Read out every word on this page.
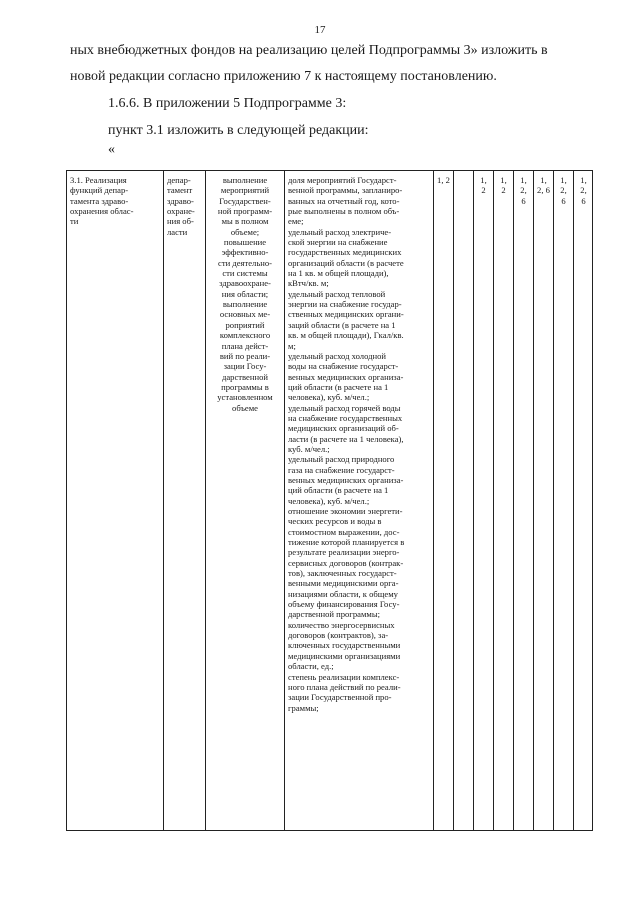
17
ных внебюджетных фондов на реализацию целей Подпрограммы 3» изложить в
новой редакции согласно приложению 7 к настоящему постановлению.
1.6.6. В приложении 5 Подпрограмме 3:
пункт 3.1 изложить в следующей редакции:
«
3.1. Реализация
функций депар-
тамента здраво-
охранения облас-
ти
депар-
тамент
здраво-
охране-
ния об-
ласти
выполнение
мероприятий
Государствен-
ной программ-
мы в полном
объеме;
повышение
эффективно-
сти деятельно-
сти системы
здравоохране-
ния области;
выполнение
основных ме-
роприятий
комплексного
плана дейст-
вий по реали-
зации Госу-
дарственной
программы в
установленном
объеме
доля мероприятий Государст-
венной программы, запланиро-
ванных на отчетный год, кото-
рые выполнены в полном объ-
еме;
удельный расход электриче-
ской энергии на снабжение
государственных медицинских
организаций области (в расчете
на 1 кв. м общей площади),
кВтч/кв. м;
удельный расход тепловой
энергии на снабжение государ-
ственных медицинских органи-
заций области (в расчете на 1
кв. м общей площади), Гкал/кв.
м;
удельный расход холодной
воды на снабжение государст-
венных медицинских организа-
ций области (в расчете на 1
человека), куб. м/чел.;
удельный расход горячей воды
на снабжение государственных
медицинских организаций об-
ласти (в расчете на 1 человека),
куб. м/чел.;
удельный расход природного
газа на снабжение государст-
венных медицинских организа-
ций области (в расчете на 1
человека), куб. м/чел.;
отношение экономии энергети-
ческих ресурсов и воды в
стоимостном выражении, дос-
тижение которой планируется в
результате реализации энерго-
сервисных договоров (контрак-
тов), заключенных государст-
венными медицинскими орга-
низациями области, к общему
объему финансирования Госу-
дарственной программы;
количество энергосервисных
договоров (контрактов), за-
ключенных государственными
медицинскими организациями
области, ед.;
степень реализации комплекс-
ного плана действий по реали-
зации Государственной про-
граммы;
1, 2	1,
2
1,
2
1,
2,
6
1,
2, 6
1,
2,
6
1,
2,
6
